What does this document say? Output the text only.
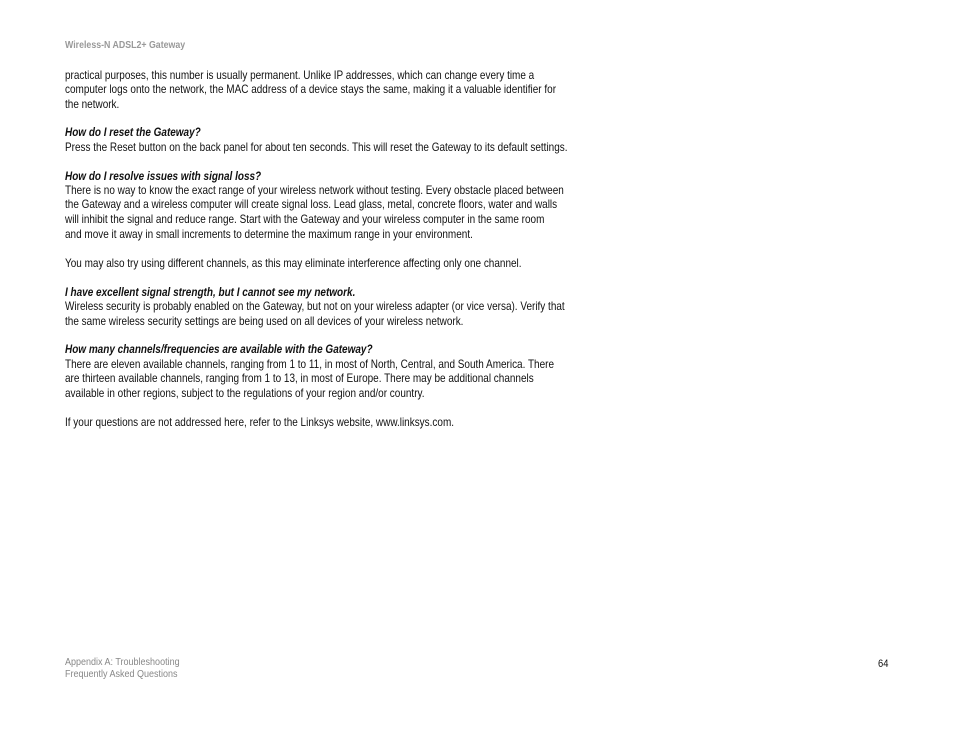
Wireless-N ADSL2+ Gateway
practical purposes, this number is usually permanent. Unlike IP addresses, which can change every time a
computer logs onto the network, the MAC address of a device stays the same, making it a valuable identifier for
the network.
How do I reset the Gateway?
Press the Reset button on the back panel for about ten seconds. This will reset the Gateway to its default settings.
How do I resolve issues with signal loss?
There is no way to know the exact range of your wireless network without testing. Every obstacle placed between
the Gateway and a wireless computer will create signal loss. Lead glass, metal, concrete floors, water and walls
will inhibit the signal and reduce range. Start with the Gateway and your wireless computer in the same room
and move it away in small increments to determine the maximum range in your environment.
You may also try using different channels, as this may eliminate interference affecting only one channel.
I have excellent signal strength, but I cannot see my network.
Wireless security is probably enabled on the Gateway, but not on your wireless adapter (or vice versa). Verify that
the same wireless security settings are being used on all devices of your wireless network.
How many channels/frequencies are available with the Gateway?
There are eleven available channels, ranging from 1 to 11, in most of North, Central, and South America. There
are thirteen available channels, ranging from 1 to 13, in most of Europe. There may be additional channels
available in other regions, subject to the regulations of your region and/or country.
If your questions are not addressed here, refer to the Linksys website, www.linksys.com.
Appendix A: Troubleshooting
Frequently Asked Questions
64
